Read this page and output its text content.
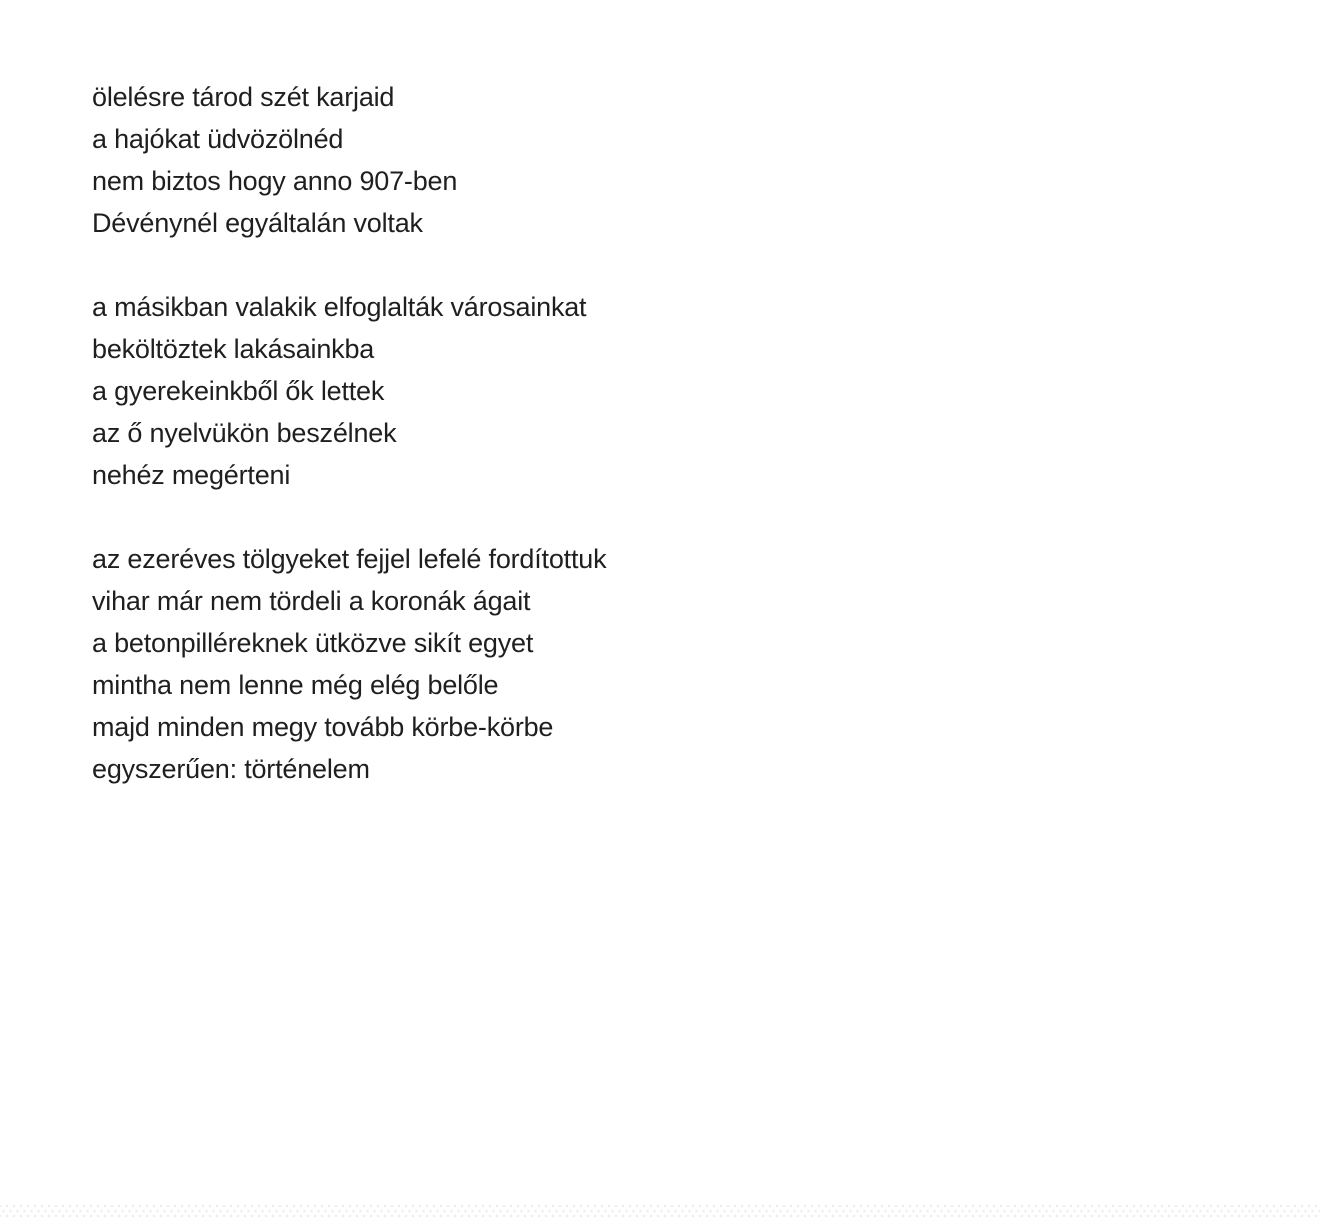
ölelésre tárod szét karjaid

a hajókat üdvözölnéd

nem biztos hogy anno 907-ben

Dévénynél egyáltalán voltak

a másikban valakik elfoglalták városainkat

beköltöztek lakásainkba

a gyerekeinkből ők lettek

az ő nyelvükön beszélnek

nehéz megérteni

az ezeréves tölgyeket fejjel lefelé fordítottuk

vihar már nem tördeli a koronák ágait

a betonpilléreknek ütközve sikít egyet

mintha nem lenne még elég belőle

majd minden megy tovább körbe-körbe

egyszerűen: történelem
